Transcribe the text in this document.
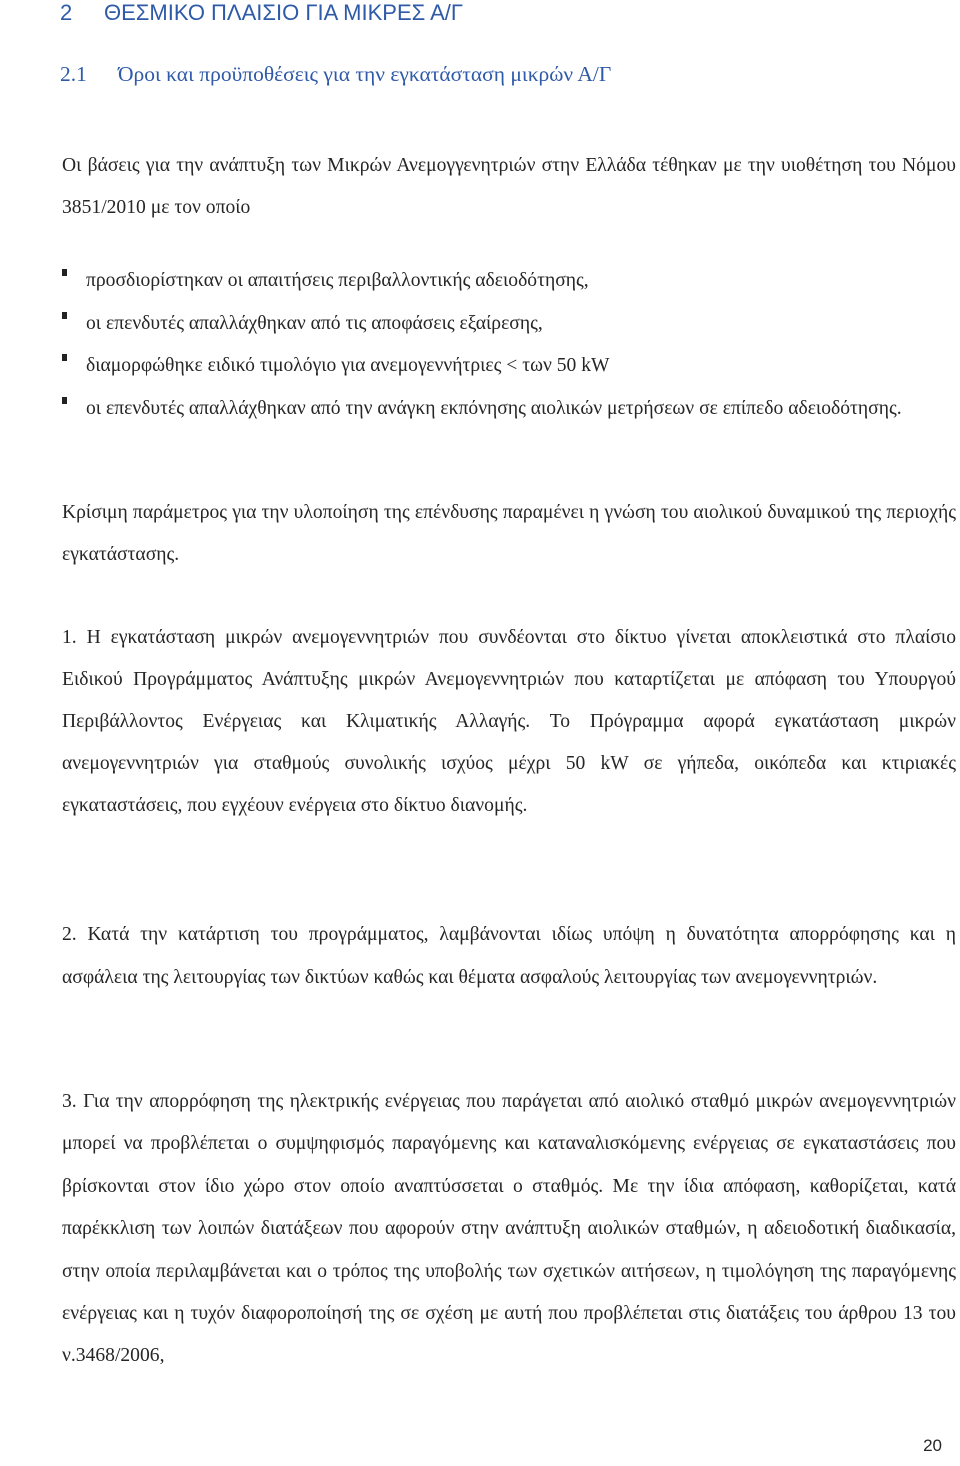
2 ΘΕΣΜΙΚΟ ΠΛΑΙΣΙΟ ΓΙΑ ΜΙΚΡΕΣ Α/Γ
2.1 Όροι και προϋποθέσεις για την εγκατάσταση μικρών Α/Γ
Οι βάσεις για την ανάπτυξη των Μικρών Ανεμογγενητριών στην Ελλάδα τέθηκαν με την υιοθέτηση του Νόμου 3851/2010 με τον οποίο
προσδιορίστηκαν οι απαιτήσεις περιβαλλοντικής αδειοδότησης,
οι επενδυτές απαλλάχθηκαν από τις αποφάσεις εξαίρεσης,
διαμορφώθηκε ειδικό τιμολόγιο για ανεμογεννήτριες < των 50 kW
οι επενδυτές απαλλάχθηκαν από την ανάγκη εκπόνησης αιολικών μετρήσεων σε επίπεδο αδειοδότησης.
Κρίσιμη παράμετρος για την υλοποίηση της επένδυσης παραμένει η γνώση του αιολικού δυναμικού της περιοχής εγκατάστασης.
1. Η εγκατάσταση μικρών ανεμογεννητριών που συνδέονται στο δίκτυο γίνεται αποκλειστικά στο πλαίσιο Ειδικού Προγράμματος Ανάπτυξης μικρών Ανεμογεννητριών που καταρτίζεται με απόφαση του Υπουργού Περιβάλλοντος Ενέργειας και Κλιματικής Αλλαγής. Το Πρόγραμμα αφορά εγκατάσταση μικρών ανεμογεννητριών για σταθμούς συνολικής ισχύος μέχρι 50 kW σε γήπεδα, οικόπεδα και κτιριακές εγκαταστάσεις, που εγχέουν ενέργεια στο δίκτυο διανομής.
2. Κατά την κατάρτιση του προγράμματος, λαμβάνονται ιδίως υπόψη η δυνατότητα απορρόφησης και η ασφάλεια της λειτουργίας των δικτύων καθώς και θέματα ασφαλούς λειτουργίας των ανεμογεννητριών.
3. Για την απορρόφηση της ηλεκτρικής ενέργειας που παράγεται από αιολικό σταθμό μικρών ανεμογεννητριών μπορεί να προβλέπεται ο συμψηφισμός παραγόμενης και καταναλισκόμενης ενέργειας σε εγκαταστάσεις που βρίσκονται στον ίδιο χώρο στον οποίο αναπτύσσεται ο σταθμός. Με την ίδια απόφαση, καθορίζεται, κατά παρέκκλιση των λοιπών διατάξεων που αφορούν στην ανάπτυξη αιολικών σταθμών, η αδειοδοτική διαδικασία, στην οποία περιλαμβάνεται και ο τρόπος της υποβολής των σχετικών αιτήσεων, η τιμολόγηση της παραγόμενης ενέργειας και η τυχόν διαφοροποίησή της σε σχέση με αυτή που προβλέπεται στις διατάξεις του άρθρου 13 του ν.3468/2006,
20
